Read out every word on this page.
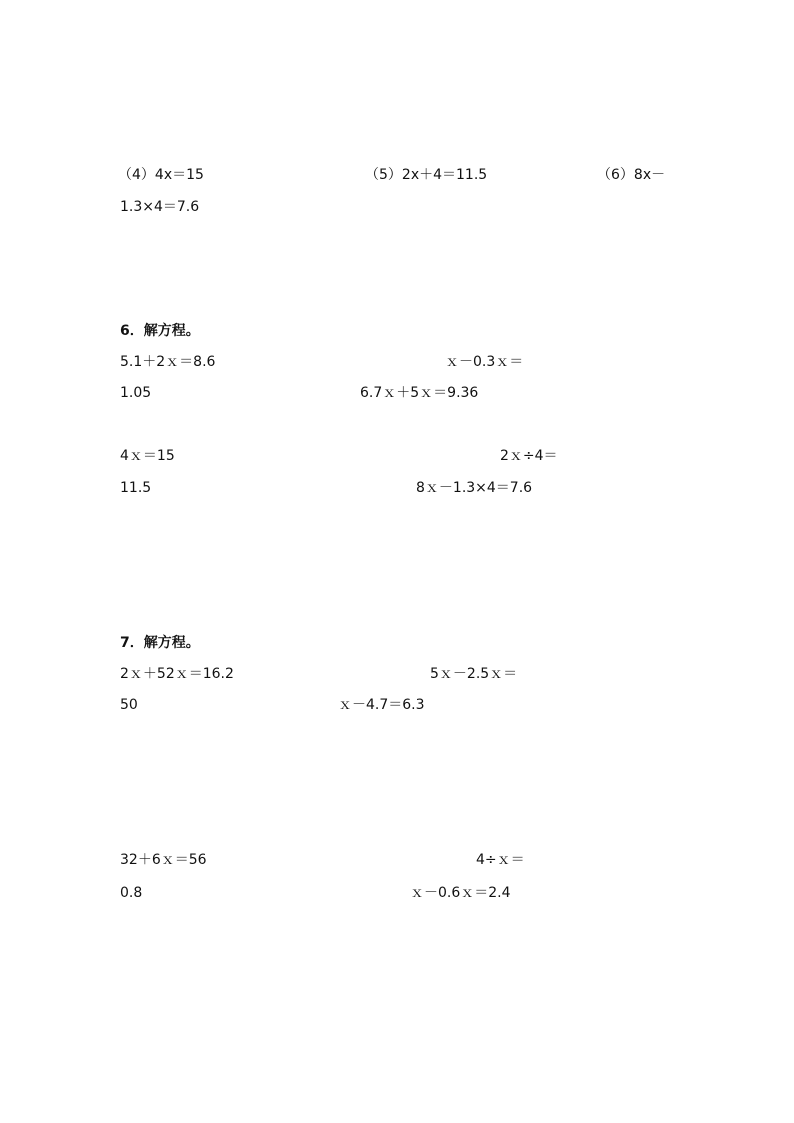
（4）4x＝15	（5）2x＋4＝11.5	（6）8x－
1.3×4＝7.6
6．解方程。
5.1＋2ｘ＝8.6	ｘ－0.3ｘ＝
1.05	6.7ｘ＋5ｘ＝9.36
4ｘ＝15	2ｘ÷4＝
11.5	8ｘ－1.3×4＝7.6
7．解方程。
2ｘ＋52ｘ＝16.2	5ｘ－2.5ｘ＝
50	ｘ－4.7＝6.3
32＋6ｘ＝56	4÷ｘ＝
0.8	ｘ－0.6ｘ＝2.4
